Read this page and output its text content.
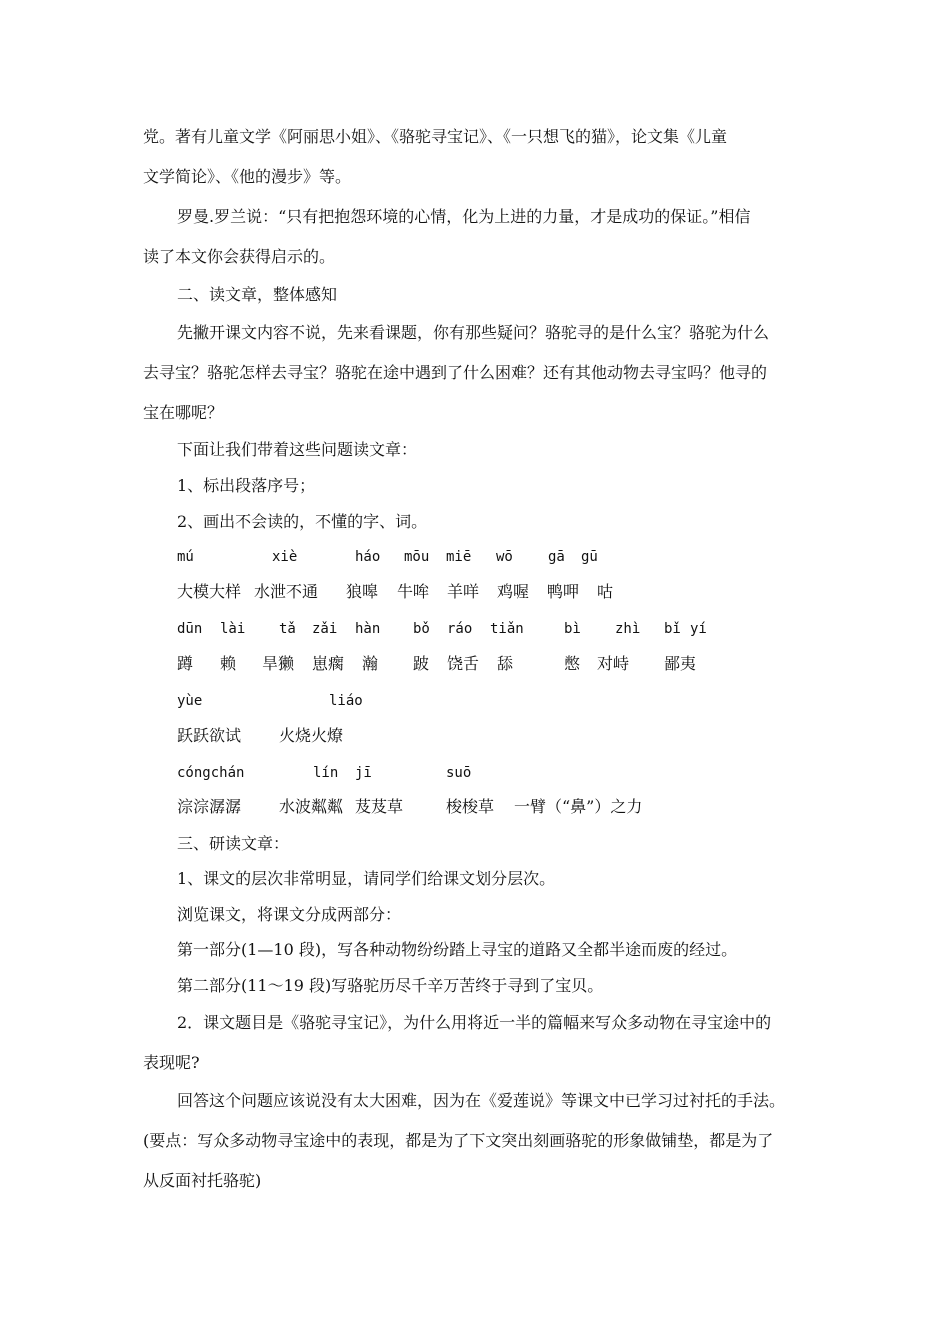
党。著有儿童文学《阿丽思小姐》、《骆驼寻宝记》、《一只想飞的猫》，论文集《儿童
文学简论》、《他的漫步》等。
罗曼.罗兰说：“只有把抱怨环境的心情，化为上进的力量，才是成功的保证。”相信
读了本文你会获得启示的。
二、读文章，整体感知
先撇开课文内容不说，先来看课题，你有那些疑问？骆驼寻的是什么宝？骆驼为什么
去寻宝？骆驼怎样去寻宝？骆驼在途中遇到了什么困难？还有其他动物去寻宝吗？他寻的
宝在哪呢？
下面让我们带着这些问题读文章：
1、标出段落序号；
2、画出不会读的，不懂的字、词。
mú	xiè	háo mōu miē wō	gā gū
大模大样 水泄不通 狼嗥 牛哞 羊咩 鸡喔 鸭呷 咕
dūn lài tǎ zǎi hàn bǒ ráo tiǎn	bì zhì bǐ yí
蹲 赖 旱獭 崽瘸 瀚 跛 饶舌 舔	憋 对峙 鄙夷
yùe	liáo
跃跃欲试 火烧火燎
cóngchán	lín jī	suō
淙淙潺潺 水波粼粼 芨芨草	梭梭草 一臂（“鼻”）之力
三、研读文章：
1、课文的层次非常明显，请同学们给课文划分层次。
浏览课文，将课文分成两部分：
第一部分(1—10 段)，写各种动物纷纷踏上寻宝的道路又全都半途而废的经过。
第二部分(11～19 段)写骆驼历尽千辛万苦终于寻到了宝贝。
2．课文题目是《骆驼寻宝记》，为什么用将近一半的篇幅来写众多动物在寻宝途中的
表现呢?
回答这个问题应该说没有太大困难，因为在《爱莲说》等课文中已学习过衬托的手法。
(要点：写众多动物寻宝途中的表现，都是为了下文突出刻画骆驼的形象做铺垫，都是为了
从反面衬托骆驼)
